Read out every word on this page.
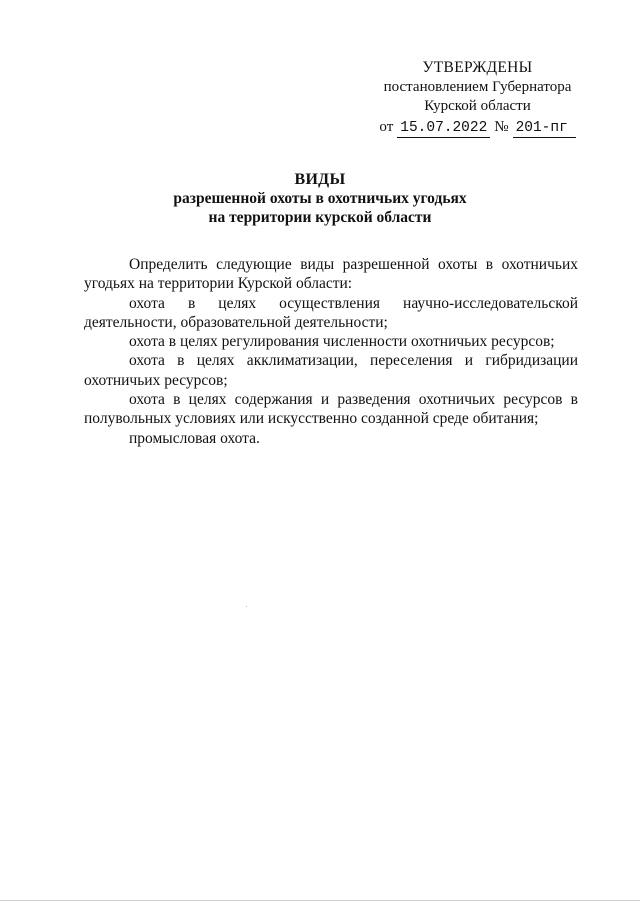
УТВЕРЖДЕНЫ
постановлением Губернатора
Курской области
от 15.07.2022 № 201-пг
ВИДЫ
разрешенной охоты в охотничьих угодьях
на территории курской области

Определить следующие виды разрешенной охоты в охотничьих угодьях на территории Курской области:

охота в целях осуществления научно-исследовательской деятельности, образовательной деятельности;

охота в целях регулирования численности охотничьих ресурсов;

охота в целях акклиматизации, переселения и гибридизации охотничьих ресурсов;

охота в целях содержания и разведения охотничьих ресурсов в полувольных условиях или искусственно созданной среде обитания;

промысловая охота.
